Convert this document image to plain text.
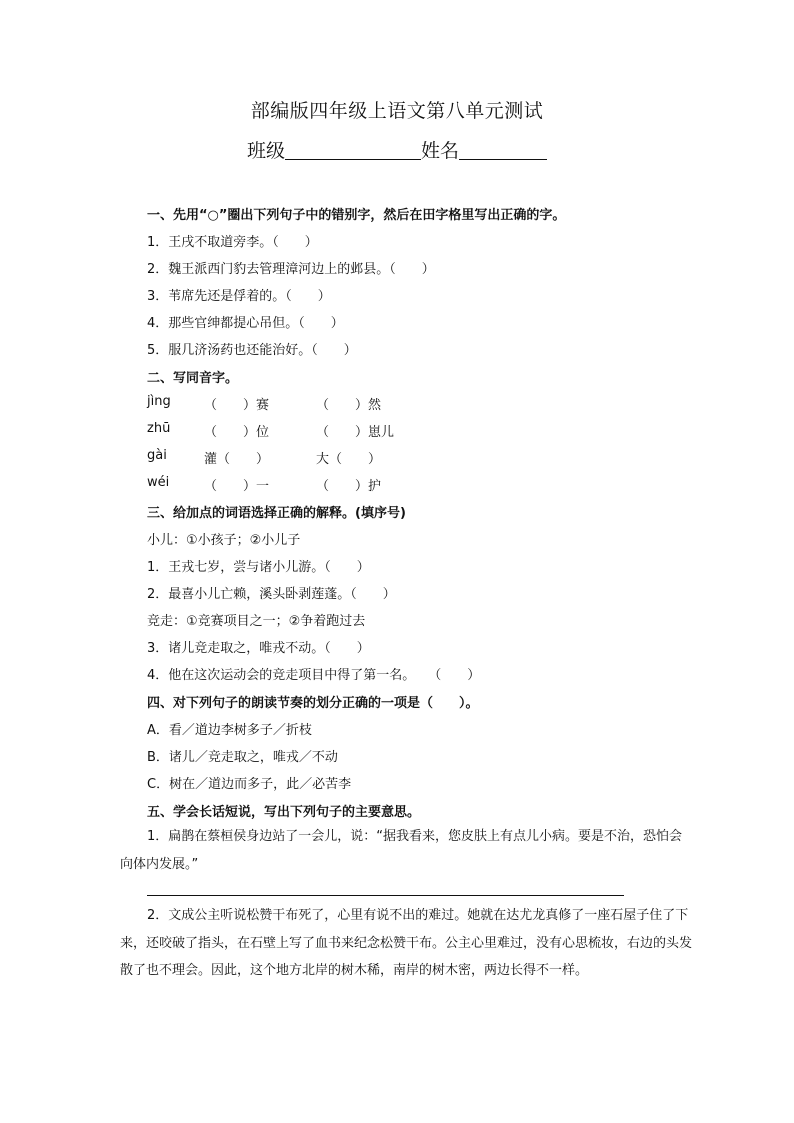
部编版四年级上语文第八单元测试
班级	姓名
一、先用“○”圈出下列句子中的错别字，然后在田字格里写出正确的字。
1．王戌不取道旁李。（　　）
2．魏王派西门豹去管理漳河边上的邺县。（　　）
3．苇席先还是俘着的。（　　）
4．那些官绅都提心吊但。（　　）
5．服几济汤药也还能治好。（　　）
二、写同音字。
jìng	（　　）赛	（　　）然
zhū	（　　）位	（　　）崽儿
gài	灌（　　）	大（　　）
wéi	（　　）一	（　　）护
三、给加点的词语选择正确的解释。(填序号)
小儿：①小孩子；②小儿子
1．王戎七岁，尝与诸小儿游。（　　）
2．最喜小儿亡赖，溪头卧剥莲蓬。（　　）
竞走：①竞赛项目之一；②争着跑过去
3．诸儿竞走取之，唯戎不动。（　　）
4．他在这次运动会的竞走项目中得了第一名。　　（　　）
四、对下列句子的朗读节奏的划分正确的一项是（　　）。
A．看／道边李树多子／折枝
B．诸儿／竞走取之，唯戎／不动
C．树在／道边而多子，此／必苦李
五、学会长话短说，写出下列句子的主要意思。
1．扁鹊在蔡桓侯身边站了一会儿，说：“据我看来，您皮肤上有点儿小病。要是不治，恐怕会向体内发展。”
2．文成公主听说松赞干布死了，心里有说不出的难过。她就在达尤龙真修了一座石屋子住了下来，还咬破了指头，在石壁上写了血书来纪念松赞干布。公主心里难过，没有心思梳妆，右边的头发散了也不理会。因此，这个地方北岸的树木稀，南岸的树木密，两边长得不一样。
